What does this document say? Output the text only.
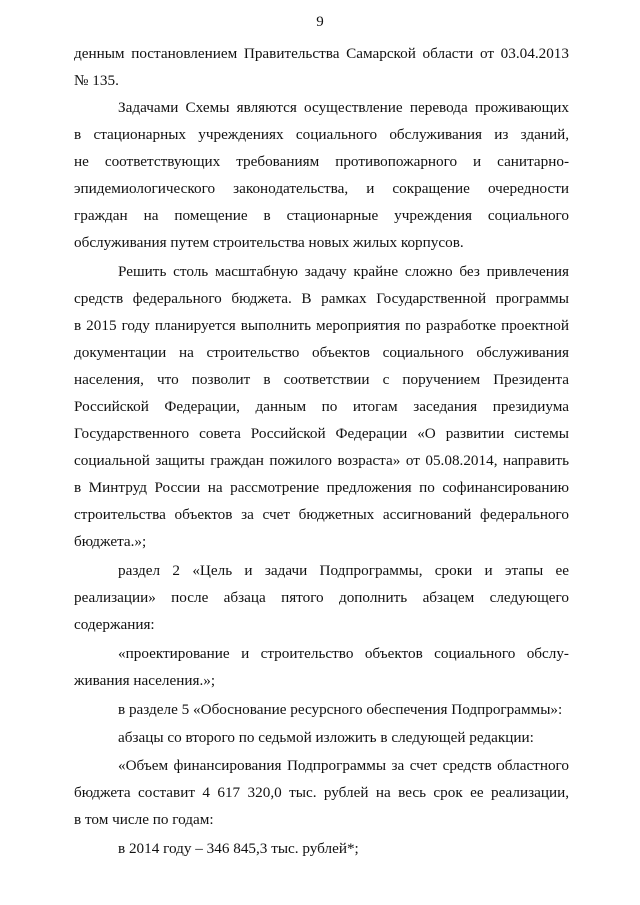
9
денным постановлением Правительства Самарской области от 03.04.2013
№ 135.
Задачами Схемы являются осуществление перевода проживающих
в стационарных учреждениях социального обслуживания из зданий,
не соответствующих требованиям противопожарного и санитарно-
эпидемиологического законодательства, и сокращение очередности
граждан на помещение в стационарные учреждения социального
обслуживания путем строительства новых жилых корпусов.
Решить столь масштабную задачу крайне сложно без привлечения
средств федерального бюджета. В рамках Государственной программы
в 2015 году планируется выполнить мероприятия по разработке проектной
документации на строительство объектов социального обслуживания
населения, что позволит в соответствии с поручением Президента
Российской Федерации, данным по итогам заседания президиума
Государственного совета Российской Федерации «О развитии системы
социальной защиты граждан пожилого возраста» от 05.08.2014, направить
в Минтруд России на рассмотрение предложения по софинансированию
строительства объектов за счет бюджетных ассигнований федерального
бюджета.»;
раздел 2 «Цель и задачи Подпрограммы, сроки и этапы ее
реализации» после абзаца пятого дополнить абзацем следующего
содержания:
«проектирование и строительство объектов социального обслу-
живания населения.»;
в разделе 5 «Обоснование ресурсного обеспечения Подпрограммы»:
абзацы со второго по седьмой изложить в следующей редакции:
«Объем финансирования Подпрограммы за счет средств областного
бюджета составит 4 617 320,0 тыс. рублей на весь срок ее реализации,
в том числе по годам:
в 2014 году – 346 845,3 тыс. рублей*;
